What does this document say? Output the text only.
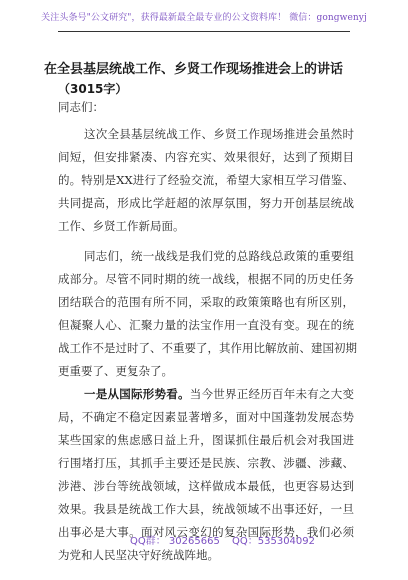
关注头条号"公文研究"，获得最新最全最专业的公文资料库！ 微信：gongwenyj
在全县基层统战工作、乡贤工作现场推进会上的讲话
（3015字）
同志们：
这次全县基层统战工作、乡贤工作现场推进会虽然时
间短，但安排紧凑、内容充实、效果很好，达到了预期目
的。特别是XX进行了经验交流，希望大家相互学习借鉴、
共同提高，形成比学赶超的浓厚氛围，努力开创基层统战
工作、乡贤工作新局面。
同志们，统一战线是我们党的总路线总政策的重要组
成部分。尽管不同时期的统一战线，根据不同的历史任务
团结联合的范围有所不同，采取的政策策略也有所区别，
但凝聚人心、汇聚力量的法宝作用一直没有变。现在的统
战工作不是过时了、不重要了，其作用比解放前、建国初期
更重要了、更复杂了。
一是从国际形势看。当今世界正经历百年未有之大变
局，不确定不稳定因素显著增多，面对中国蓬勃发展态势
某些国家的焦虑感日益上升，图谋抓住最后机会对我国进
行围堵打压，其抓手主要还是民族、宗教、涉疆、涉藏、
涉港、涉台等统战领域，这样做成本最低，也更容易达到
效果。我县是统战工作大县，统战领域不出事还好，一旦
出事必是大事。面对风云变幻的复杂国际形势，我们必须
为党和人民坚决守好统战阵地。
QQ群： 30265665 QQ：535304092
